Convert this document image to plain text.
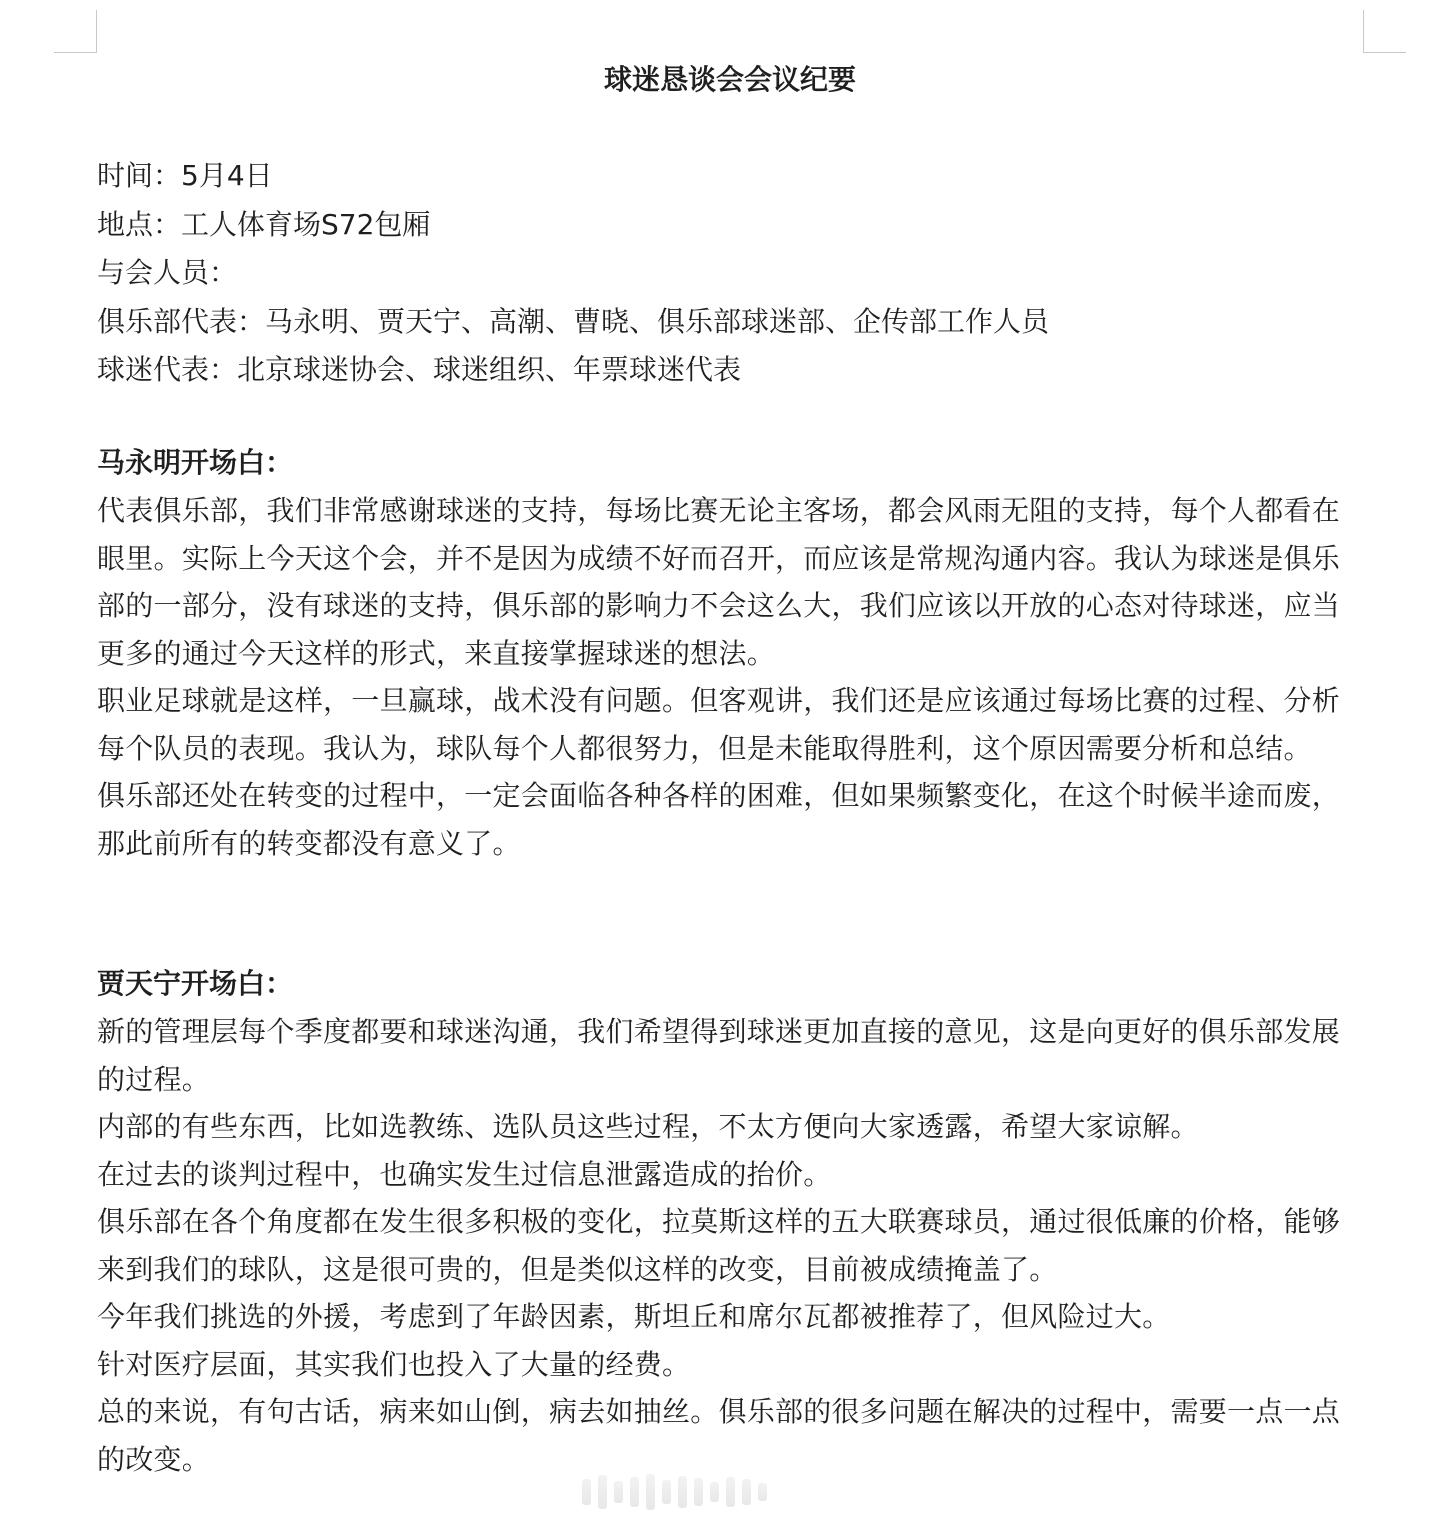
球迷恳谈会会议纪要
时间：5月4日
地点：工人体育场S72包厢
与会人员：
俱乐部代表：马永明、贾天宁、高潮、曹晓、俱乐部球迷部、企传部工作人员
球迷代表：北京球迷协会、球迷组织、年票球迷代表
马永明开场白：

代表俱乐部，我们非常感谢球迷的支持，每场比赛无论主客场，都会风雨无阻的支持，每个人都看在眼里。实际上今天这个会，并不是因为成绩不好而召开，而应该是常规沟通内容。我认为球迷是俱乐部的一部分，没有球迷的支持，俱乐部的影响力不会这么大，我们应该以开放的心态对待球迷，应当更多的通过今天这样的形式，来直接掌握球迷的想法。

职业足球就是这样，一旦赢球，战术没有问题。但客观讲，我们还是应该通过每场比赛的过程、分析每个队员的表现。我认为，球队每个人都很努力，但是未能取得胜利，这个原因需要分析和总结。

俱乐部还处在转变的过程中，一定会面临各种各样的困难，但如果频繁变化，在这个时候半途而废，那此前所有的转变都没有意义了。

贾天宁开场白：

新的管理层每个季度都要和球迷沟通，我们希望得到球迷更加直接的意见，这是向更好的俱乐部发展的过程。

内部的有些东西，比如选教练、选队员这些过程，不太方便向大家透露，希望大家谅解。

在过去的谈判过程中，也确实发生过信息泄露造成的抬价。

俱乐部在各个角度都在发生很多积极的变化，拉莫斯这样的五大联赛球员，通过很低廉的价格，能够来到我们的球队，这是很可贵的，但是类似这样的改变，目前被成绩掩盖了。

今年我们挑选的外援，考虑到了年龄因素，斯坦丘和席尔瓦都被推荐了，但风险过大。

针对医疗层面，其实我们也投入了大量的经费。

总的来说，有句古话，病来如山倒，病去如抽丝。俱乐部的很多问题在解决的过程中，需要一点一点的改变。
